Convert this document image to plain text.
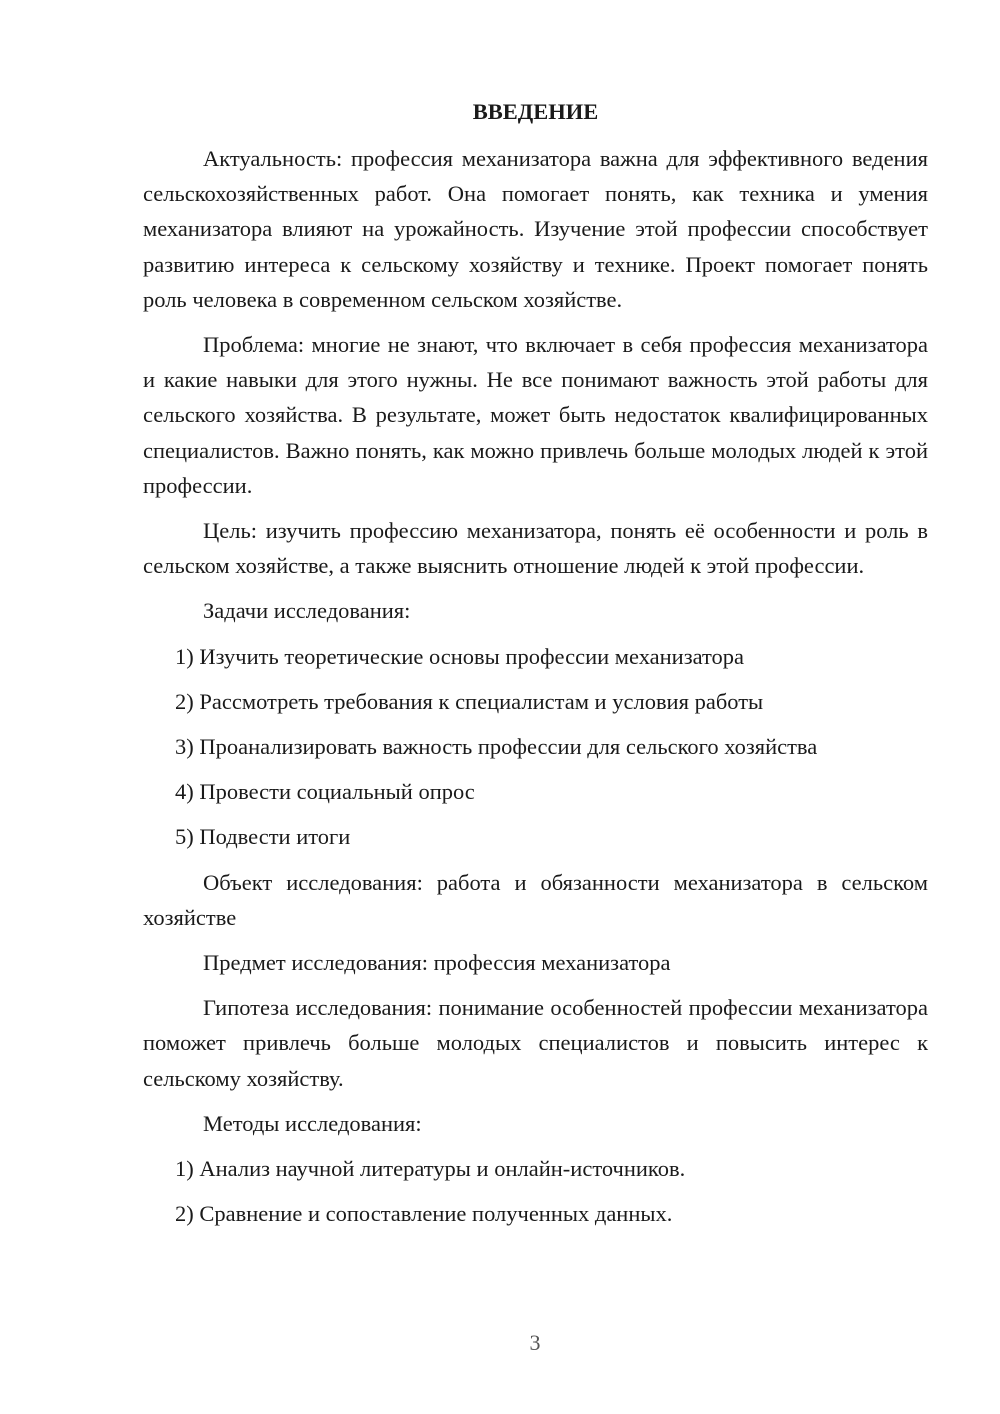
ВВЕДЕНИЕ

Актуальность: профессия механизатора важна для эффективного ведения сельскохозяйственных работ. Она помогает понять, как техника и умения механизатора влияют на урожайность. Изучение этой профессии способствует развитию интереса к сельскому хозяйству и технике. Проект помогает понять роль человека в современном сельском хозяйстве.

Проблема: многие не знают, что включает в себя профессия механизатора и какие навыки для этого нужны. Не все понимают важность этой работы для сельского хозяйства. В результате, может быть недостаток квалифицированных специалистов. Важно понять, как можно привлечь больше молодых людей к этой профессии.

Цель: изучить профессию механизатора, понять её особенности и роль в сельском хозяйстве, а также выяснить отношение людей к этой профессии.

Задачи исследования:
1) Изучить теоретические основы профессии механизатора
2) Рассмотреть требования к специалистам и условия работы
3) Проанализировать важность профессии для сельского хозяйства
4) Провести социальный опрос
5) Подвести итоги

Объект исследования: работа и обязанности механизатора в сельском хозяйстве

Предмет исследования: профессия механизатора

Гипотеза исследования: понимание особенностей профессии механизатора поможет привлечь больше молодых специалистов и повысить интерес к сельскому хозяйству.

Методы исследования:
1) Анализ научной литературы и онлайн-источников.
2) Сравнение и сопоставление полученных данных.
3
